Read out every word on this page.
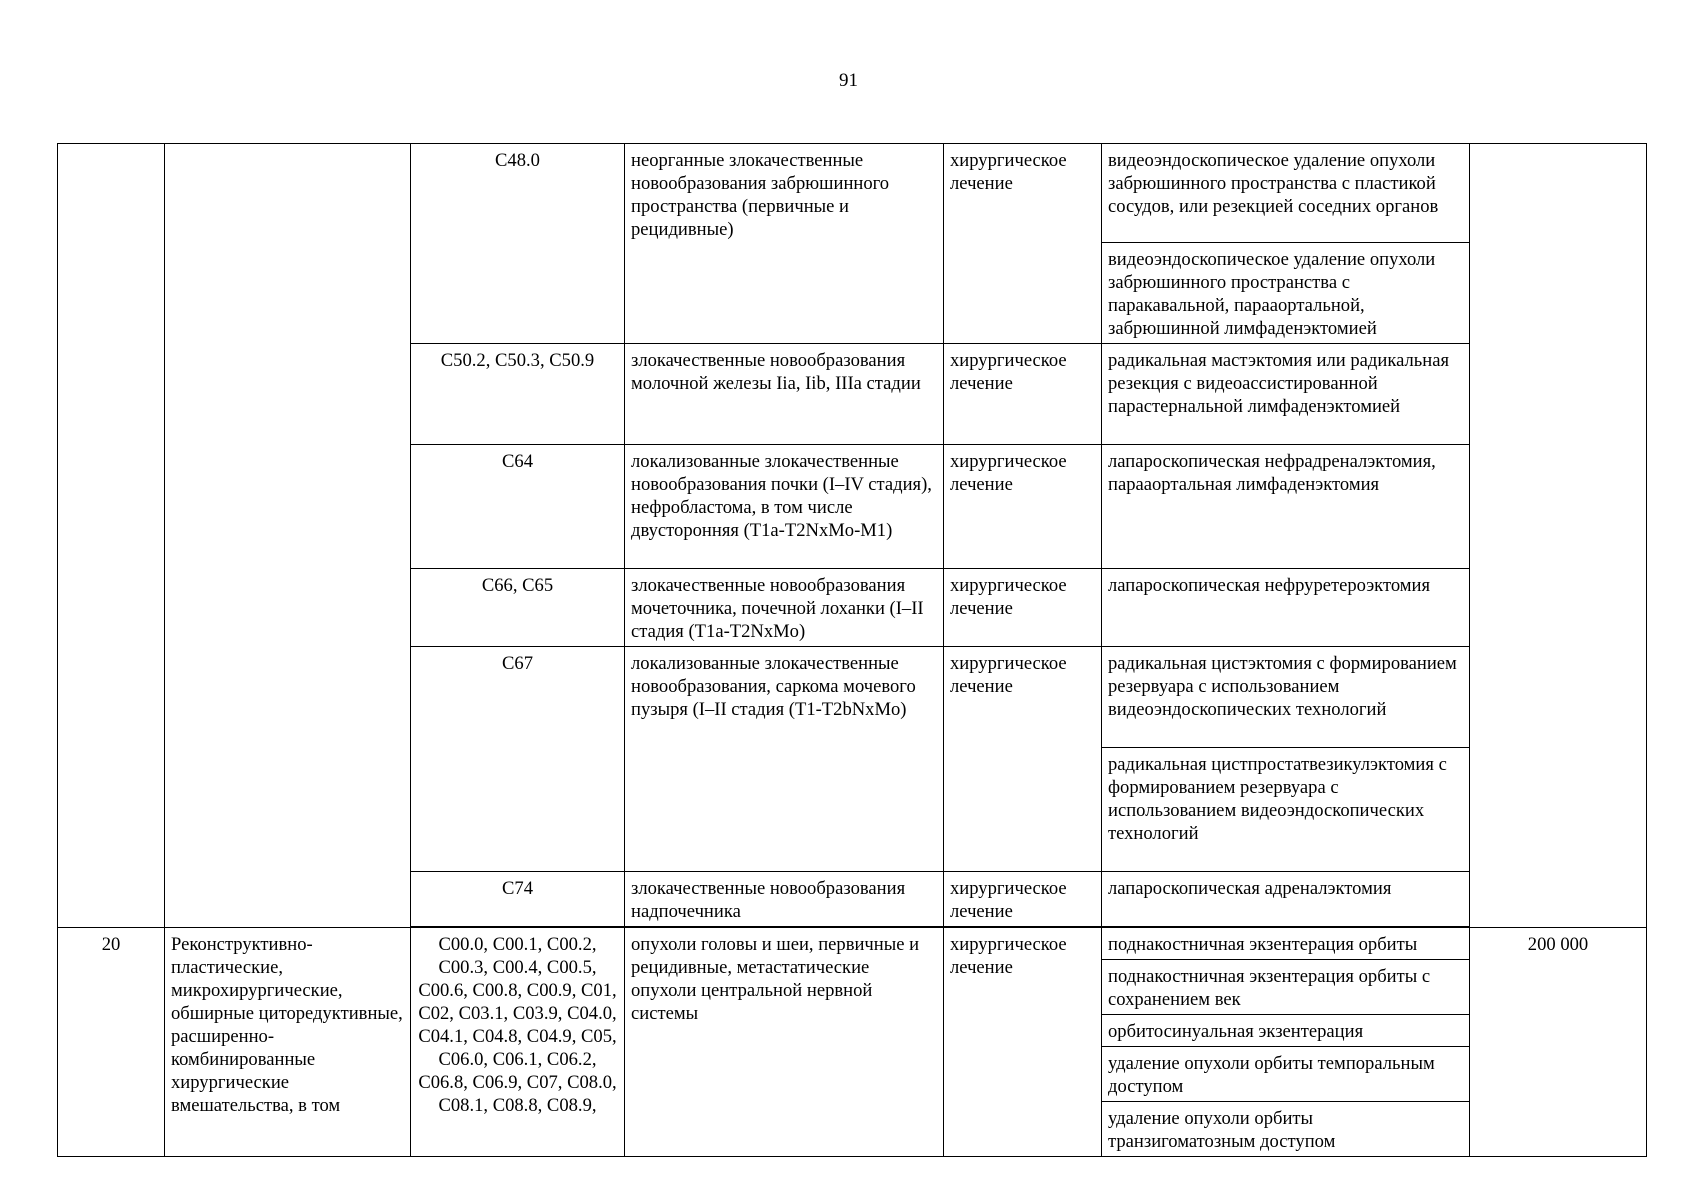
91
		C48.0	неорганные злокачественные новообразования забрюшинного пространства (первичные и рецидивные)	хирургическое лечение	видеоэндоскопическое удаление опухоли забрюшинного пространства с пластикой сосудов, или резекцией соседних органов	
					видеоэндоскопическое удаление опухоли забрюшинного пространства с паракавальной, парааортальной, забрюшинной лимфаденэктомией	
		C50.2, C50.3, C50.9	злокачественные новообразования молочной железы Iia, Iib, IIIa стадии	хирургическое лечение	радикальная мастэктомия или радикальная резекция с видеоассистированной парастернальной лимфаденэктомией	
		C64	локализованные злокачественные новообразования почки (I–IV стадия), нефробластома, в том числе двусторонняя (T1a-T2NxMo-M1)	хирургическое лечение	лапароскопическая нефрадреналэктомия, парааортальная лимфаденэктомия	
		C66, C65	злокачественные новообразования мочеточника, почечной лоханки (I–II стадия (T1a-T2NxMo)	хирургическое лечение	лапароскопическая нефруретероэктомия	
		C67	локализованные злокачественные новообразования, саркома мочевого пузыря (I–II стадия (T1-T2bNxMo)	хирургическое лечение	радикальная цистэктомия с формированием резервуара с использованием видеоэндоскопических технологий	
					радикальная цистпростатвезикулэктомия с формированием резервуара с использованием видеоэндоскопических технологий	
		C74	злокачественные новообразования надпочечника	хирургическое лечение	лапароскопическая адреналэктомия	

20	Реконструктивно-пластические, микрохирургические, обширные циторедуктивные, расширенно-комбинированные хирургические вмешательства, в том	C00.0, C00.1, C00.2, C00.3, C00.4, C00.5, C00.6, C00.8, C00.9, C01, C02, C03.1, C03.9, C04.0, C04.1, C04.8, C04.9, C05, C06.0, C06.1, C06.2, C06.8, C06.9, C07, C08.0, C08.1, C08.8, C08.9,	опухоли головы и шеи, первичные и рецидивные, метастатические опухоли центральной нервной системы	хирургическое лечение	поднакостничная экзентерация орбиты	200 000
					поднакостничная экзентерация орбиты с сохранением век	
					орбитосинуальная экзентерация	
					удаление опухоли орбиты темпоральным доступом	
					удаление опухоли орбиты транзигоматозным доступом	
